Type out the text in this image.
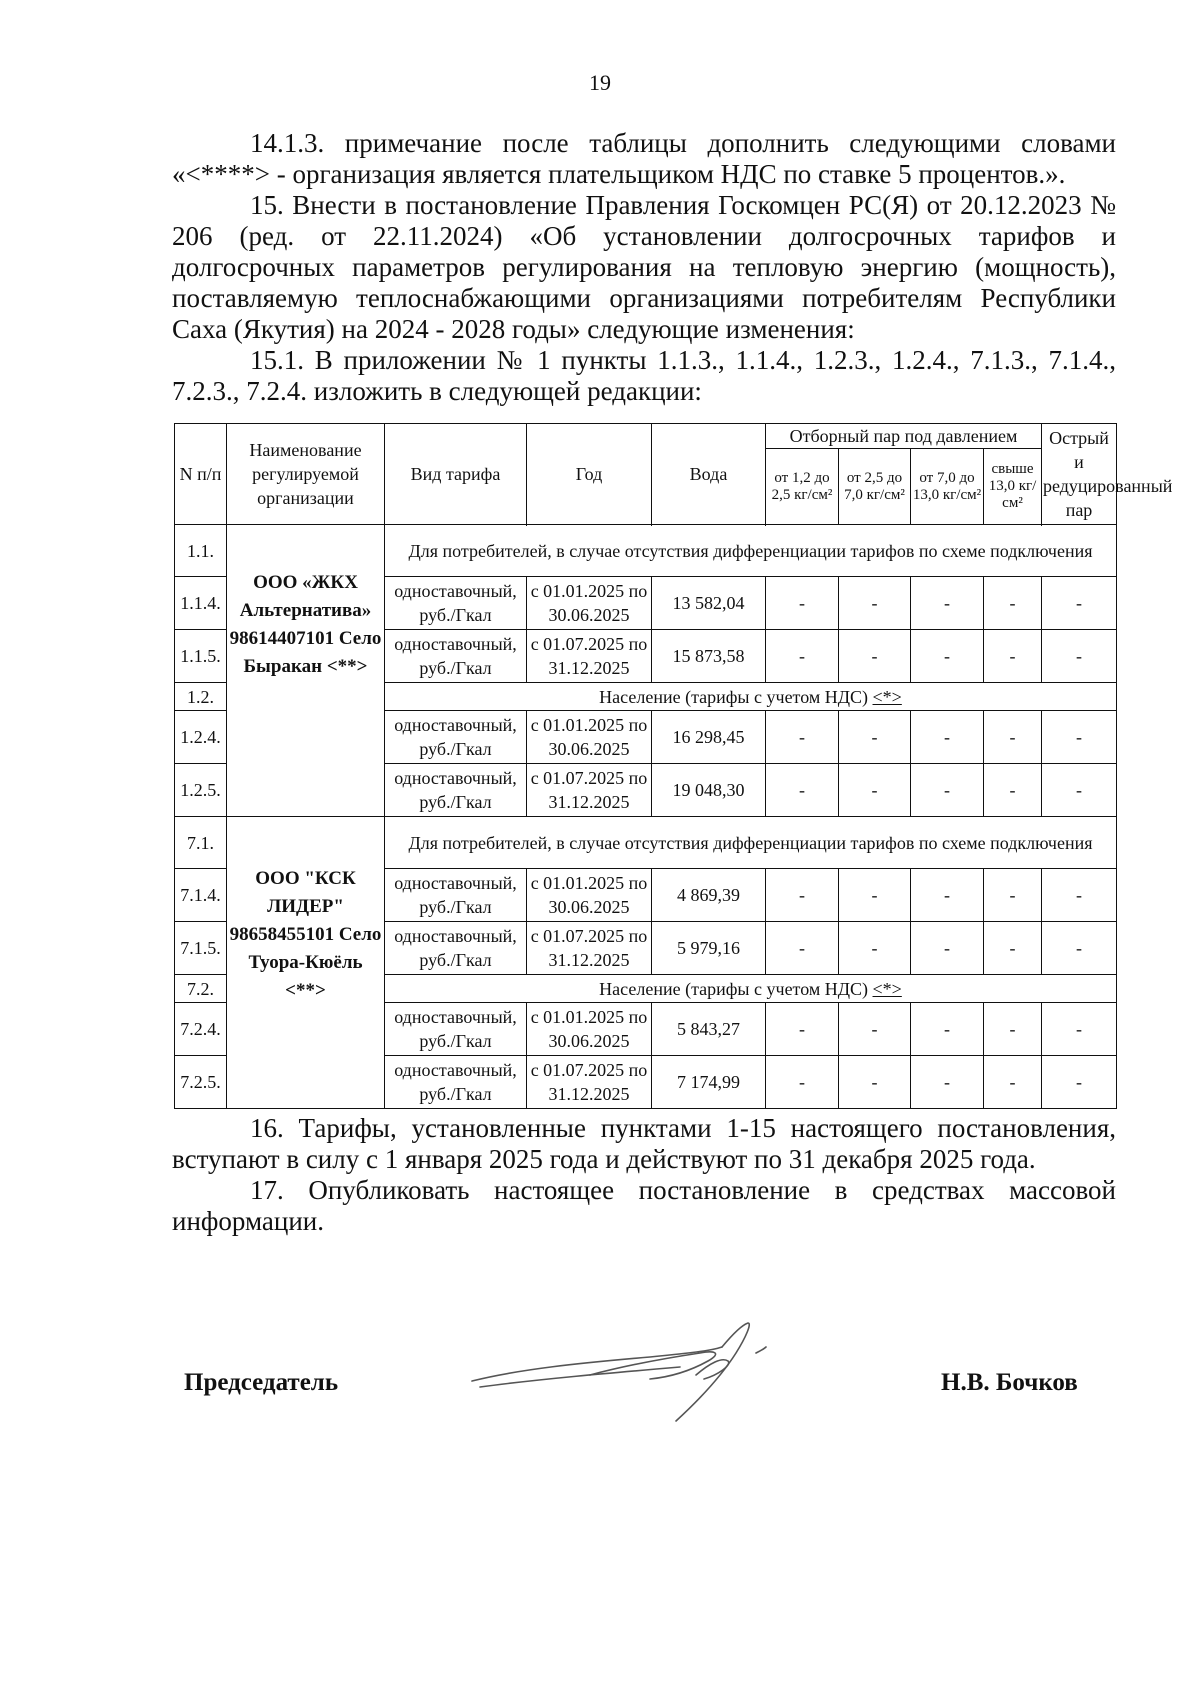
19

14.1.3. примечание после таблицы дополнить следующими словами «<****> - организация является плательщиком НДС по ставке 5 процентов.».

15. Внести в постановление Правления Госкомцен РС(Я) от 20.12.2023 № 206 (ред. от 22.11.2024) «Об установлении долгосрочных тарифов и долгосрочных параметров регулирования на тепловую энергию (мощность), поставляемую теплоснабжающими организациями потребителям Республики Саха (Якутия) на 2024 - 2028 годы» следующие изменения:

15.1. В приложении № 1 пункты 1.1.3., 1.1.4., 1.2.3., 1.2.4., 7.1.3., 7.1.4., 7.2.3., 7.2.4. изложить в следующей редакции:

N п/п	Наименование регулируемой организации	Вид тарифа	Год	Вода	Отборный пар под давлением				Острый и редуцированный пар
					от 1,2 до 2,5 кг/см²	от 2,5 до 7,0 кг/см²	от 7,0 до 13,0 кг/см²	свыше 13,0 кг/см²	

1.1.	ООО «ЖКХ Альтернатива» 98614407101 Село Быракан <**>	Для потребителей, в случае отсутствия дифференциации тарифов по схеме подключения							
1.1.4.		одноставочный, руб./Гкал	с 01.01.2025 по 30.06.2025	13 582,04	-	-	-	-	-
1.1.5.		одноставочный, руб./Гкал	с 01.07.2025 по 31.12.2025	15 873,58	-	-	-	-	-
1.2.		Население (тарифы с учетом НДС) <*>							
1.2.4.		одноставочный, руб./Гкал	с 01.01.2025 по 30.06.2025	16 298,45	-	-	-	-	-
1.2.5.		одноставочный, руб./Гкал	с 01.07.2025 по 31.12.2025	19 048,30	-	-	-	-	-
7.1.	ООО "КСК ЛИДЕР" 98658455101 Село Туора-Кюёль <**>	Для потребителей, в случае отсутствия дифференциации тарифов по схеме подключения							
7.1.4.		одноставочный, руб./Гкал	с 01.01.2025 по 30.06.2025	4 869,39	-	-	-	-	-
7.1.5.		одноставочный, руб./Гкал	с 01.07.2025 по 31.12.2025	5 979,16	-	-	-	-	-
7.2.		Население (тарифы с учетом НДС) <*>							
7.2.4.		одноставочный, руб./Гкал	с 01.01.2025 по 30.06.2025	5 843,27	-	-	-	-	-
7.2.5.		одноставочный, руб./Гкал	с 01.07.2025 по 31.12.2025	7 174,99	-	-	-	-	-

16. Тарифы, установленные пунктами 1-15 настоящего постановления, вступают в силу с 1 января 2025 года и действуют по 31 декабря 2025 года.

17. Опубликовать настоящее постановление в средствах массовой информации.

Председатель	Н.В. Бочков
